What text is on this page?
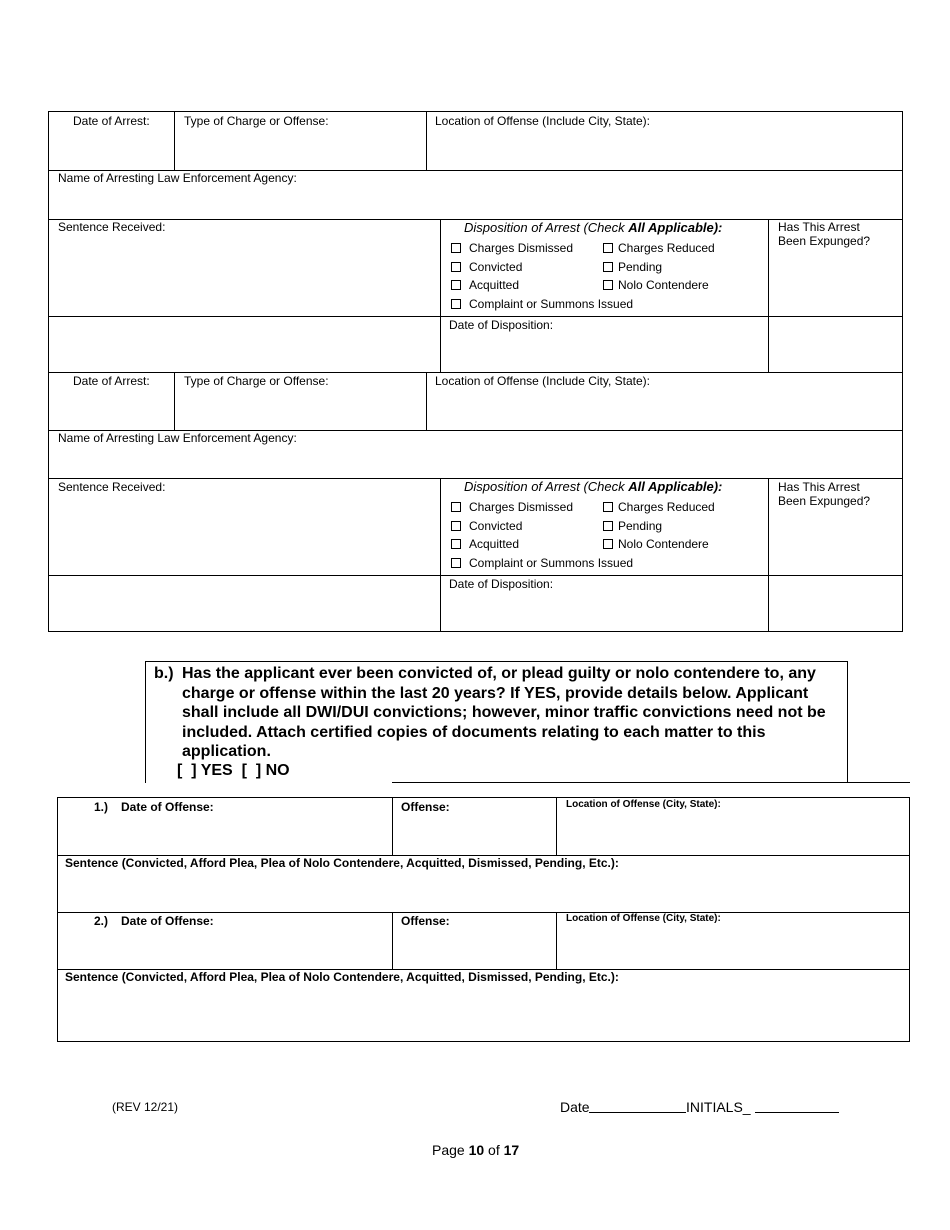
Date of Arrest:	Type of Charge or Offense:	Location of Offense (Include City, State):
Name of Arresting Law Enforcement Agency:
Sentence Received:	Disposition of Arrest (Check All Applicable):	Has This Arrest Been Expunged?
Charges Dismissed	Charges Reduced
Convicted	Pending
Acquitted	Nolo Contendere
Complaint or Summons Issued
Date of Disposition:
Date of Arrest:	Type of Charge or Offense:	Location of Offense (Include City, State):
Name of Arresting Law Enforcement Agency:
Sentence Received:	Disposition of Arrest (Check All Applicable):	Has This Arrest Been Expunged?
Charges Dismissed	Charges Reduced
Convicted	Pending
Acquitted	Nolo Contendere
Complaint or Summons Issued
Date of Disposition:
b.) Has the applicant ever been convicted of, or plead guilty or nolo contendere to, any charge or offense within the last 20 years? If YES, provide details below. Applicant shall include all DWI/DUI convictions; however, minor traffic convictions need not be included. Attach certified copies of documents relating to each matter to this application.
[  ] YES  [  ] NO
1.) Date of Offense:	Offense:	Location of Offense (City, State):
Sentence (Convicted, Afford Plea, Plea of Nolo Contendere, Acquitted, Dismissed, Pending, Etc.):
2.) Date of Offense:	Offense:	Location of Offense (City, State):
Sentence (Convicted, Afford Plea, Plea of Nolo Contendere, Acquitted, Dismissed, Pending, Etc.):
(REV 12/21)	Date	INITIALS_
Page 10 of 17
